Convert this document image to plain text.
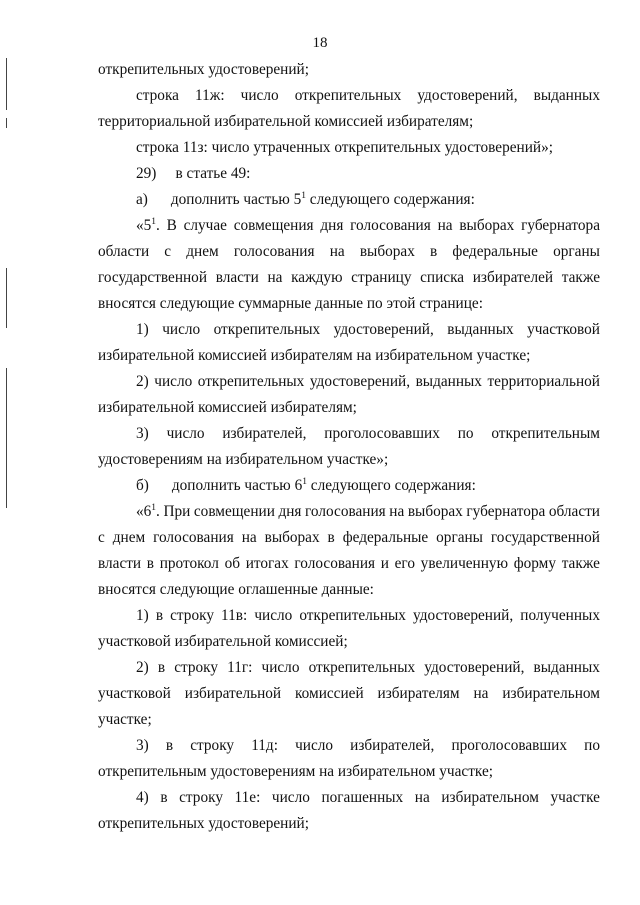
18
открепительных удостоверений;
строка 11ж: число открепительных удостоверений, выданных
территориальной избирательной комиссией избирателям;
строка 11з: число утраченных открепительных удостоверений»;
29)     в статье 49:
а)      дополнить частью $5^1$ следующего содержания:
«$5^1$. В случае совмещения дня голосования на выборах губернатора
области с днем голосования на выборах в федеральные органы
государственной власти на каждую страницу списка избирателей также
вносятся следующие суммарные данные по этой странице:
1) число открепительных удостоверений, выданных участковой
избирательной комиссией избирателям на избирательном участке;
2) число открепительных удостоверений, выданных территориальной
избирательной комиссией избирателям;
3) число избирателей, проголосовавших по открепительным
удостоверениям на избирательном участке»;
б)      дополнить частью $6^1$ следующего содержания:
«$6^1$. При совмещении дня голосования на выборах губернатора области
с днем голосования на выборах в федеральные органы государственной
власти в протокол об итогах голосования и его увеличенную форму также
вносятся следующие оглашенные данные:
1) в строку 11в: число открепительных удостоверений, полученных
участковой избирательной комиссией;
2) в строку 11г: число открепительных удостоверений, выданных
участковой избирательной комиссией избирателям на избирательном
участке;
3) в строку 11д: число избирателей, проголосовавших по
открепительным удостоверениям на избирательном участке;
4) в строку 11е: число погашенных на избирательном участке
открепительных удостоверений;
